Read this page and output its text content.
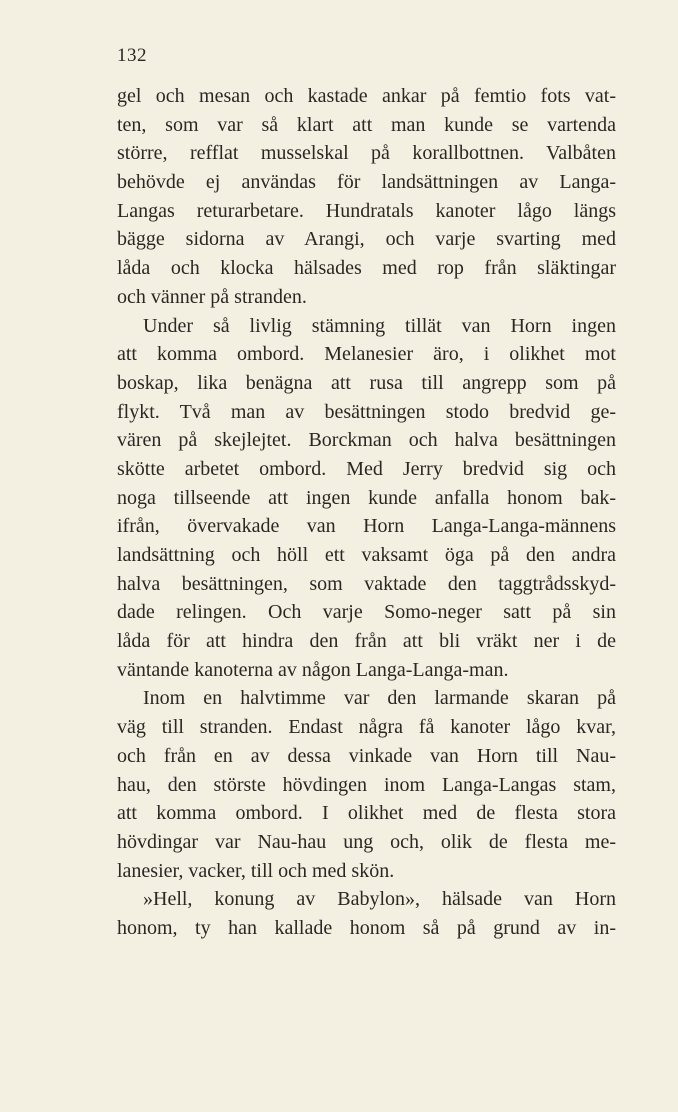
132
gel och mesan och kastade ankar på femtio fots vat-
ten, som var så klart att man kunde se vartenda
större, refflat musselskal på korallbottnen. Valbåten
behövde ej användas för landsättningen av Langa-
Langas returarbetare. Hundratals kanoter lågo längs
bägge sidorna av Arangi, och varje svarting med
låda och klocka hälsades med rop från släktingar
och vänner på stranden.
Under så livlig stämning tillät van Horn ingen
att komma ombord. Melanesier äro, i olikhet mot
boskap, lika benägna att rusa till angrepp som på
flykt. Två man av besättningen stodo bredvid ge-
vären på skejlejtet. Borckman och halva besättningen
skötte arbetet ombord. Med Jerry bredvid sig och
noga tillseende att ingen kunde anfalla honom bak-
ifrån, övervakade van Horn Langa-Langa-männens
landsättning och höll ett vaksamt öga på den andra
halva besättningen, som vaktade den taggtrådsskyd-
dade relingen. Och varje Somo-neger satt på sin
låda för att hindra den från att bli vräkt ner i de
väntande kanoterna av någon Langa-Langa-man.
Inom en halvtimme var den larmande skaran på
väg till stranden. Endast några få kanoter lågo kvar,
och från en av dessa vinkade van Horn till Nau-
hau, den störste hövdingen inom Langa-Langas stam,
att komma ombord. I olikhet med de flesta stora
hövdingar var Nau-hau ung och, olik de flesta me-
lanesier, vacker, till och med skön.
»Hell, konung av Babylon», hälsade van Horn
honom, ty han kallade honom så på grund av in-
